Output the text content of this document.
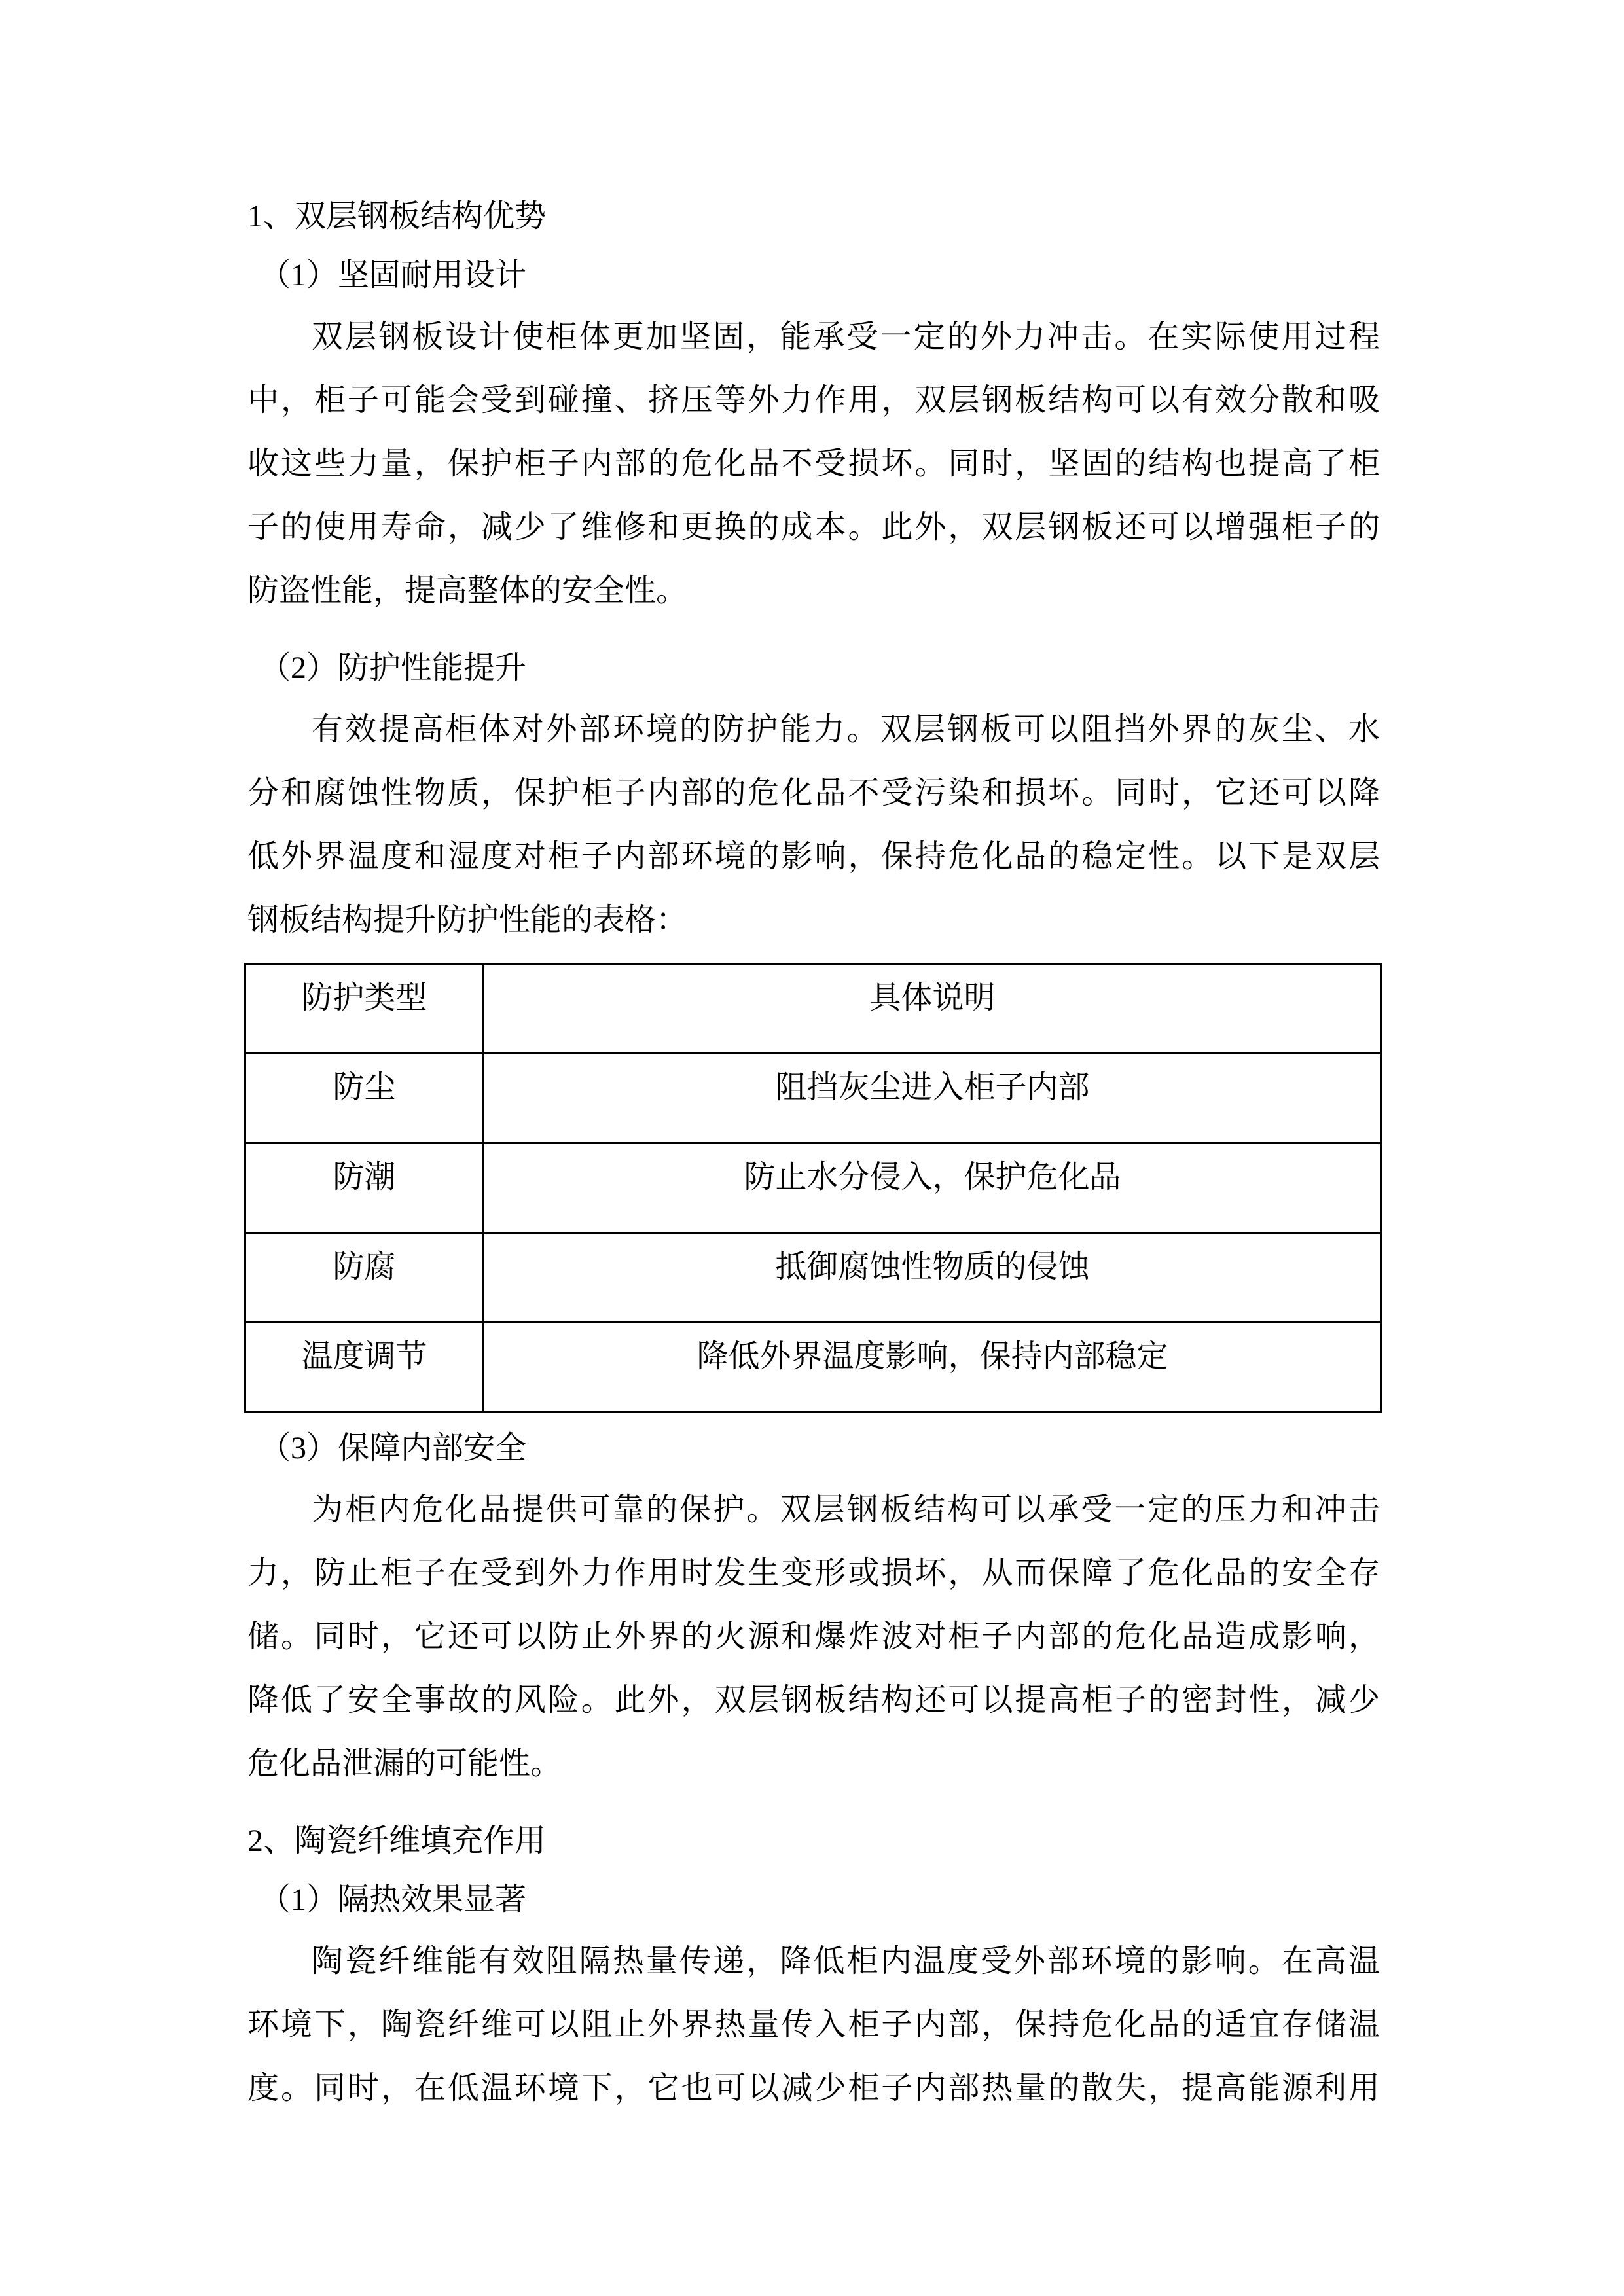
1、双层钢板结构优势
（1）坚固耐用设计
双层钢板设计使柜体更加坚固，能承受一定的外力冲击。在实际使用过程
中，柜子可能会受到碰撞、挤压等外力作用，双层钢板结构可以有效分散和吸
收这些力量，保护柜子内部的危化品不受损坏。同时，坚固的结构也提高了柜
子的使用寿命，减少了维修和更换的成本。此外，双层钢板还可以增强柜子的
防盗性能，提高整体的安全性。
（2）防护性能提升
有效提高柜体对外部环境的防护能力。双层钢板可以阻挡外界的灰尘、水
分和腐蚀性物质，保护柜子内部的危化品不受污染和损坏。同时，它还可以降
低外界温度和湿度对柜子内部环境的影响，保持危化品的稳定性。以下是双层
钢板结构提升防护性能的表格：
防护类型	具体说明
防尘	阻挡灰尘进入柜子内部
防潮	防止水分侵入，保护危化品
防腐	抵御腐蚀性物质的侵蚀
温度调节	降低外界温度影响，保持内部稳定
（3）保障内部安全
为柜内危化品提供可靠的保护。双层钢板结构可以承受一定的压力和冲击
力，防止柜子在受到外力作用时发生变形或损坏，从而保障了危化品的安全存
储。同时，它还可以防止外界的火源和爆炸波对柜子内部的危化品造成影响，
降低了安全事故的风险。此外，双层钢板结构还可以提高柜子的密封性，减少
危化品泄漏的可能性。
2、陶瓷纤维填充作用
（1）隔热效果显著
陶瓷纤维能有效阻隔热量传递，降低柜内温度受外部环境的影响。在高温
环境下，陶瓷纤维可以阻止外界热量传入柜子内部，保持危化品的适宜存储温
度。同时，在低温环境下，它也可以减少柜子内部热量的散失，提高能源利用
